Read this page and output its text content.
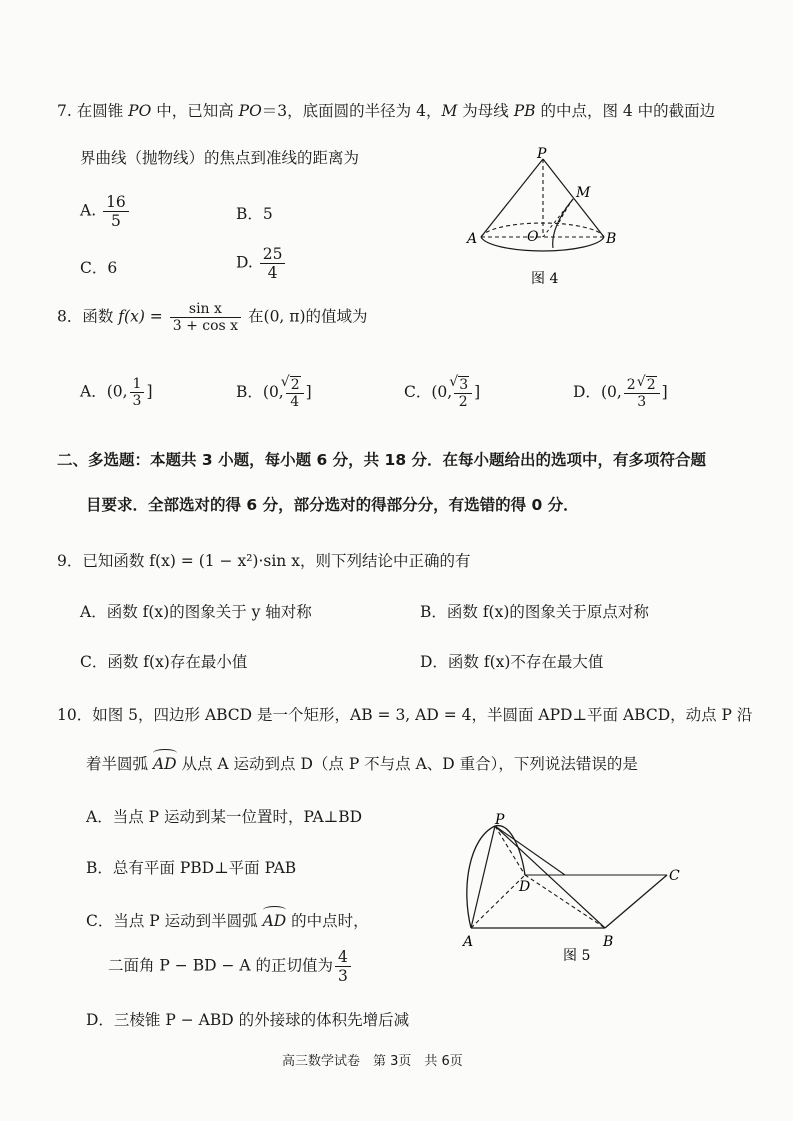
7. 在圆锥 PO 中，已知高 PO＝3，底面圆的半径为 4，M 为母线 PB 的中点，图 4 中的截面边
界曲线（抛物线）的焦点到准线的距离为
A. $\frac{16}{5}$	B．5
C．6	D. $\frac{25}{4}$
P
M
A	O	B
图 4
8．函数 $f(x) = \frac{\text{sin x}}{\text{3 + cos x}}$ 在(0, π)的值域为
A．(0, $\frac{1}{3}$ ]	B．(0, √ $\frac{2}{4}$ ]	C．(0, √ $\frac{3}{2}$ ]	D．(0, $\frac{2 √ 2}{3}$ ]
二、多选题：本题共 3 小题，每小题 6 分，共 18 分．在每小题给出的选项中，有多项符合题
目要求．全部选对的得 6 分，部分选对的得部分分，有选错的得 0 分．
9．已知函数 f(x) = (1 − x²)·sin x，则下列结论中正确的有
A．函数 f(x)的图象关于 y 轴对称	B．函数 f(x)的图象关于原点对称
C．函数 f(x)存在最小值	D．函数 f(x)不存在最大值
10．如图 5，四边形 ABCD 是一个矩形，AB = 3, AD = 4，半圆面 APD⊥平面 ABCD，动点 P 沿
着半圆弧 AD 从点 A 运动到点 D（点 P 不与点 A、D 重合），下列说法错误的是
A．当点 P 运动到某一位置时，PA⊥BD
B．总有平面 PBD⊥平面 PAB
C．当点 P 运动到半圆弧 AD 的中点时，
二面角 P − BD − A 的正切值为 $\frac{4}{3}$
D．三棱锥 P − ABD 的外接球的体积先增后减
P
C
D
A	B
图 5
高三数学试卷　第 3页　共 6页
